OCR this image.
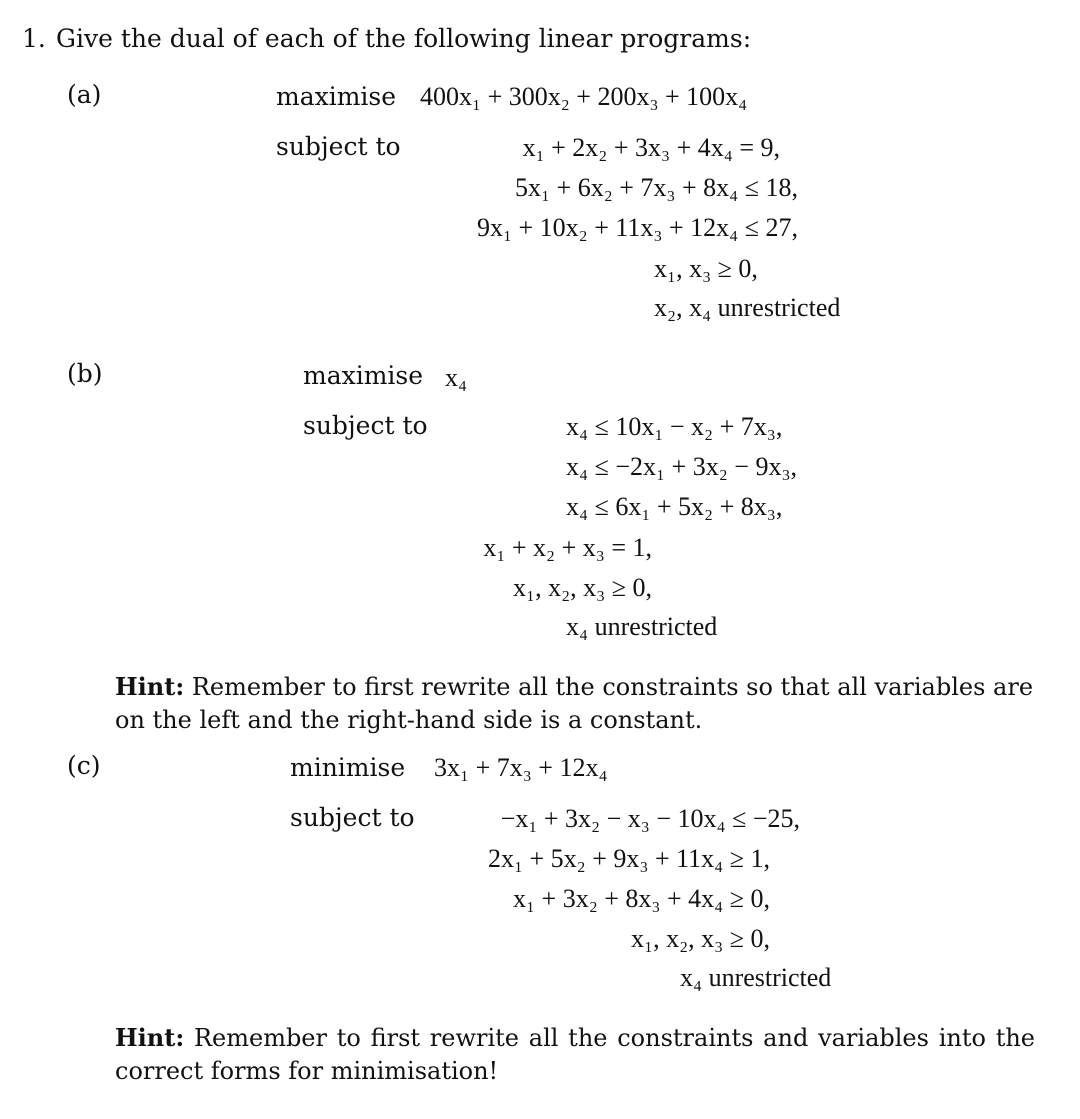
1. Give the dual of each of the following linear programs:
(a)	maximise 400x₁ + 300x₂ + 200x₃ + 100x₄
subject to	x₁ + 2x₂ + 3x₃ + 4x₄ = 9,
5x₁ + 6x₂ + 7x₃ + 8x₄ ≤ 18,
9x₁ + 10x₂ + 11x₃ + 12x₄ ≤ 27,
x₁, x₃ ≥ 0,
x₂, x₄ unrestricted
(b)	maximise x₄
subject to	x₄ ≤ 10x₁ − x₂ + 7x₃,
x₄ ≤ −2x₁ + 3x₂ − 9x₃,
x₄ ≤ 6x₁ + 5x₂ + 8x₃,
x₁ + x₂ + x₃ = 1,
x₁, x₂, x₃ ≥ 0,
x₄ unrestricted
Hint: Remember to first rewrite all the constraints so that all variables are on the left and the right-hand side is a constant.
(c)	minimise 3x₁ + 7x₃ + 12x₄
subject to	−x₁ + 3x₂ − x₃ − 10x₄ ≤ −25,
2x₁ + 5x₂ + 9x₃ + 11x₄ ≥ 1,
x₁ + 3x₂ + 8x₃ + 4x₄ ≥ 0,
x₁, x₂, x₃ ≥ 0,
x₄ unrestricted
Hint: Remember to first rewrite all the constraints and variables into the correct forms for minimisation!
